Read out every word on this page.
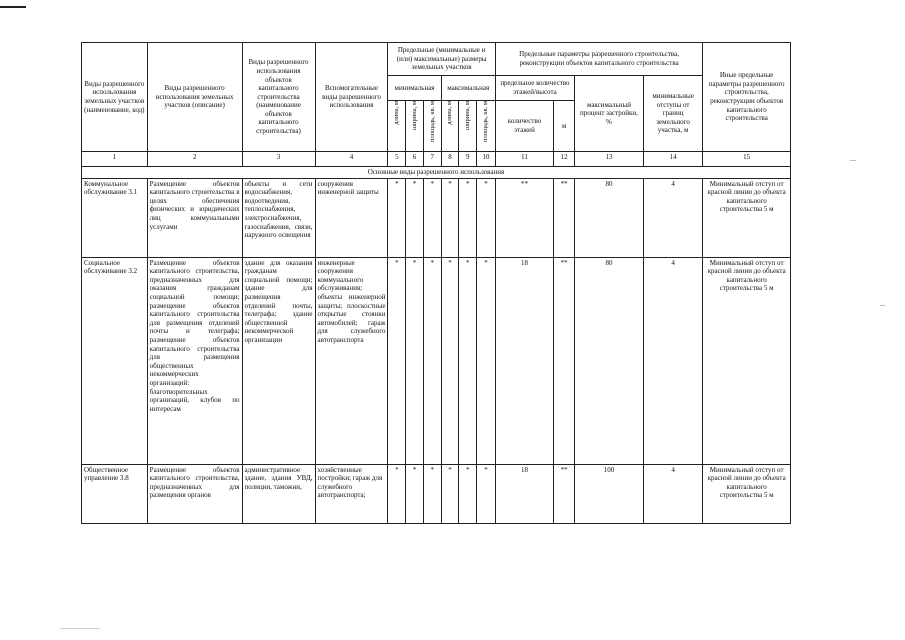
Виды разрешенного использования земельных участков (наименование, код)	Виды разрешенного использования земельных участков (описание)	Виды разрешенного использования объектов капитального строительства (наименование объектов капитального строительства)	Вспомогательные виды разрешенного использования	Предельные (минимальные и (или) максимальные) размеры земельных участков						Предельные параметры разрешенного строительства, реконструкции объектов капитального строительства				Иные предельные параметры разрешенного строительства, реконструкции объектов капитального строительства
				минимальная			максимальная			предельное количество этажей/высота		максимальный процент застройки, %	минимальные отступы от границ земельного участка, м	

				длина, м	ширина, м	площадь, кв. м	длина, м	ширина, м	площадь, кв. м	количество этажей	м			
1	2	3	4	5	6	7	8	9	10	11	12	13	14	15
Основные виды разрешенного использования														
Коммунальное обслуживание 3.1	Размещение объектов капитального строительства в целях обеспечения физических и юридических лиц коммунальными услугами	объекты и сети водоснабжения, водоотведения, теплоснабжения, электроснабжения, газоснабжения, связи, наружного освещения	сооружения инженерной защиты	*	*	*	*	*	*	**	**	80	4	Минимальный отступ от красной линии до объекта капитального строительства 5 м
Социальное обслуживание 3.2	Размещение объектов капитального строительства, предназначенных для оказания гражданам социальной помощи; размещение объектов капитального строительства для размещения отделений почты и телеграфа; размещение объектов капитального строительства для размещения общественных некоммерческих организаций: благотворительных организаций, клубов по интересам	здание для оказания гражданам социальной помощи; здание для размещения отделений почты, телеграфа; здание общественной некоммерческой организации	инженерные сооружения коммунального обслуживания; объекты инженерной защиты; плоскостные открытые стоянки автомобилей; гараж для служебного автотранспорта	*	*	*	*	*	*	18	**	80	4	Минимальный отступ от красной линии до объекта капитального строительства 5 м
Общественное управление 3.8	Размещение объектов капитального строительства, предназначенных для размещения органов	административное здание, здания УВД, полиции, таможни,	хозяйственные постройки; гараж для служебного автотранспорта;	*	*	*	*	*	*	18	**	100	4	Минимальный отступ от красной линии до объекта капитального строительства 5 м
